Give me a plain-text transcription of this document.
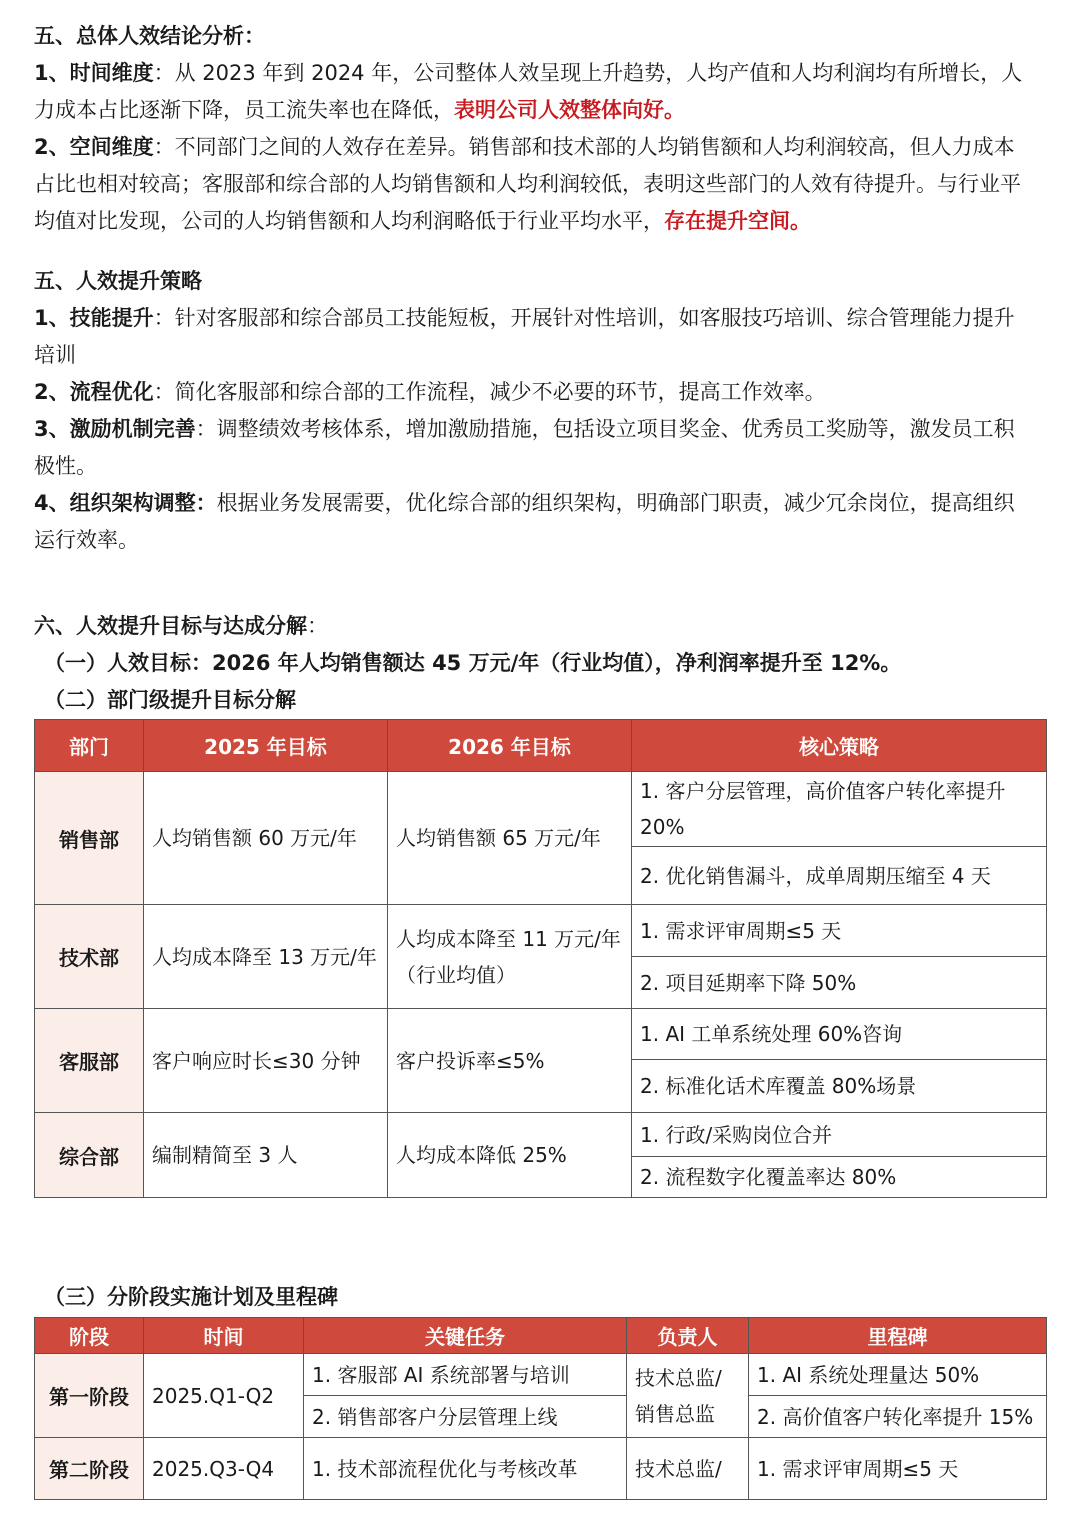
五、总体人效结论分析：

1、时间维度：从 2023 年到 2024 年，公司整体人效呈现上升趋势，人均产值和人均利润均有所增长，人力成本占比逐渐下降，员工流失率也在降低，表明公司人效整体向好。

2、空间维度：不同部门之间的人效存在差异。销售部和技术部的人均销售额和人均利润较高，但人力成本占比也相对较高；客服部和综合部的人均销售额和人均利润较低，表明这些部门的人效有待提升。与行业平均值对比发现，公司的人均销售额和人均利润略低于行业平均水平，存在提升空间。

五、人效提升策略

1、技能提升：针对客服部和综合部员工技能短板，开展针对性培训，如客服技巧培训、综合管理能力提升培训

2、流程优化：简化客服部和综合部的工作流程，减少不必要的环节，提高工作效率。

3、激励机制完善：调整绩效考核体系，增加激励措施，包括设立项目奖金、优秀员工奖励等，激发员工积极性。

4、组织架构调整：根据业务发展需要，优化综合部的组织架构，明确部门职责，减少冗余岗位，提高组织运行效率。

六、人效提升目标与达成分解：

（一）人效目标：2026 年人均销售额达 45 万元/年（行业均值），净利润率提升至 12%。

（二）部门级提升目标分解

部门	2025 年目标	2026 年目标	核心策略
销售部	人均销售额 60 万元/年	人均销售额 65 万元/年	1. 客户分层管理，高价值客户转化率提升 20%
			2. 优化销售漏斗，成单周期压缩至 4 天
技术部	人均成本降至 13 万元/年	人均成本降至 11 万元/年（行业均值）	1. 需求评审周期≤5 天
			2. 项目延期率下降 50%
客服部	客户响应时长≤30 分钟	客户投诉率≤5%	1. AI 工单系统处理 60%咨询
			2. 标准化话术库覆盖 80%场景
综合部	编制精简至 3 人	人均成本降低 25%	1. 行政/采购岗位合并
			2. 流程数字化覆盖率达 80%

（三）分阶段实施计划及里程碑

阶段	时间	关键任务	负责人	里程碑
第一阶段	2025.Q1-Q2	1. 客服部 AI 系统部署与培训	技术总监/销售总监	1. AI 系统处理量达 50%
		2. 销售部客户分层管理上线		2. 高价值客户转化率提升 15%
第二阶段	2025.Q3-Q4	1. 技术部流程优化与考核改革	技术总监/	1. 需求评审周期≤5 天
